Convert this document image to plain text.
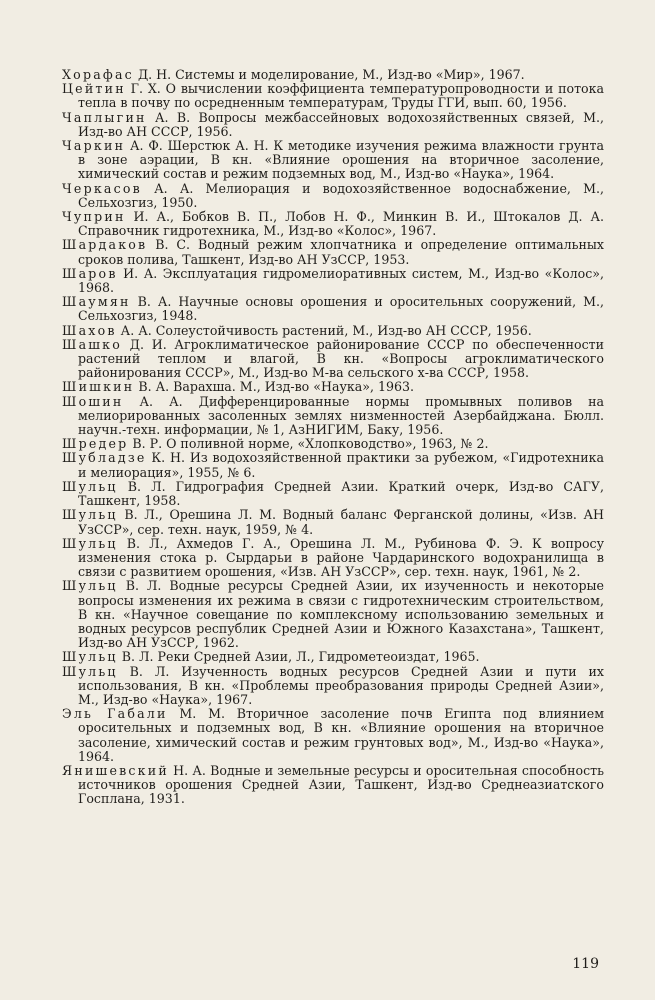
Хорафас Д. Н. Системы и моделирование, М., Изд-во «Мир», 1967.

Цейтин Г. Х. О вычислении коэффициента температуропроводности и потока тепла в почву по осредненным температурам, Труды ГГИ, вып. 60, 1956.

Чаплыгин А. В. Вопросы межбассейновых водохозяйственных связей, М., Изд-во АН СССР, 1956.

Чаркин А. Ф. Шерстюк А. Н. К методике изучения режима влажности грунта в зоне аэрации, В кн. «Влияние орошения на вторичное засоление, химический состав и режим подземных вод, М., Изд-во «Наука», 1964.

Черкасов А. А. Мелиорация и водохозяйственное водоснабжение, М., Сельхозгиз, 1950.

Чуприн И. А., Бобков В. П., Лобов Н. Ф., Минкин В. И., Штокалов Д. А. Справочник гидротехника, М., Изд-во «Колос», 1967.

Шардаков В. С. Водный режим хлопчатника и определение оптимальных сроков полива, Ташкент, Изд-во АН УзССР, 1953.

Шаров И. А. Эксплуатация гидромелиоративных систем, М., Изд-во «Колос», 1968.

Шаумян В. А. Научные основы орошения и оросительных сооружений, М., Сельхозгиз, 1948.

Шахов А. А. Солеустойчивость растений, М., Изд-во АН СССР, 1956.

Шашко Д. И. Агроклиматическое районирование СССР по обеспеченности растений теплом и влагой, В кн. «Вопросы агроклиматического районирования СССР», М., Изд-во М-ва сельского х-ва СССР, 1958.

Шишкин В. А. Варахша. М., Изд-во «Наука», 1963.

Шошин А. А. Дифференцированные нормы промывных поливов на мелиорированных засоленных землях низменностей Азербайджана. Бюлл. научн.-техн. информации, № 1, АзНИГИМ, Баку, 1956.

Шредер В. Р. О поливной норме, «Хлопководство», 1963, № 2.

Шубладзе К. Н. Из водохозяйственной практики за рубежом, «Гидротехника и мелиорация», 1955, № 6.

Шульц В. Л. Гидрография Средней Азии. Краткий очерк, Изд-во САГУ, Ташкент, 1958.

Шульц В. Л., Орешина Л. М. Водный баланс Ферганской долины, «Изв. АН УзССР», сер. техн. наук, 1959, № 4.

Шульц В. Л., Ахмедов Г. А., Орешина Л. М., Рубинова Ф. Э. К вопросу изменения стока р. Сырдарьи в районе Чардаринского водохранилища в связи с развитием орошения, «Изв. АН УзССР», сер. техн. наук, 1961, № 2.

Шульц В. Л. Водные ресурсы Средней Азии, их изученность и некоторые вопросы изменения их режима в связи с гидротехническим строительством, В кн. «Научное совещание по комплексному использованию земельных и водных ресурсов республик Средней Азии и Южного Казахстана», Ташкент, Изд-во АН УзССР, 1962.

Шульц В. Л. Реки Средней Азии, Л., Гидрометеоиздат, 1965.

Шульц В. Л. Изученность водных ресурсов Средней Азии и пути их использования, В кн. «Проблемы преобразования природы Средней Азии», М., Изд-во «Наука», 1967.

Эль Габали М. М. Вторичное засоление почв Египта под влиянием оросительных и подземных вод, В кн. «Влияние орошения на вторичное засоление, химический состав и режим грунтовых вод», М., Изд-во «Наука», 1964.

Янишевский Н. А. Водные и земельные ресурсы и оросительная способность источников орошения Средней Азии, Ташкент, Изд-во Среднеазиатского Госплана, 1931.

119
